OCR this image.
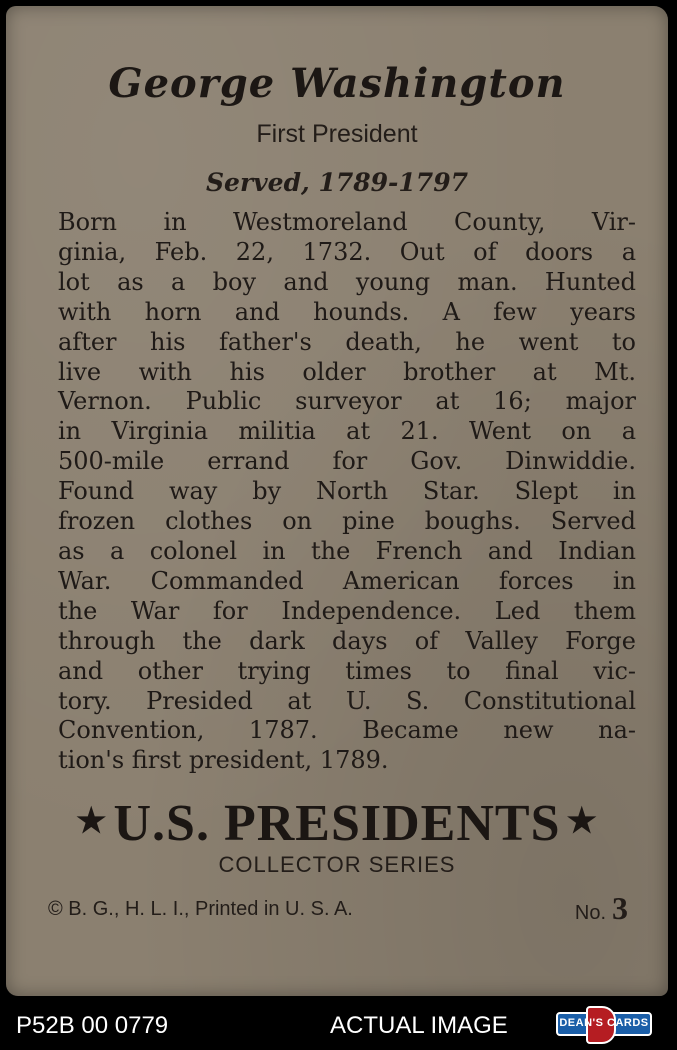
George Washington
First President
Served, 1789-1797
Born in Westmoreland County, Vir-
ginia, Feb. 22, 1732. Out of doors a
lot as a boy and young man. Hunted
with horn and hounds. A few years
after his father's death, he went to
live with his older brother at Mt.
Vernon. Public surveyor at 16; major
in Virginia militia at 21. Went on a
500-mile errand for Gov. Dinwiddie.
Found way by North Star. Slept in
frozen clothes on pine boughs. Served
as a colonel in the French and Indian
War. Commanded American forces in
the War for Independence. Led them
through the dark days of Valley Forge
and other trying times to final vic-
tory. Presided at U. S. Constitutional
Convention, 1787. Became new na-
tion's first president, 1789.
★ U.S. PRESIDENTS ★
COLLECTOR SERIES
© B. G., H. L. I., Printed in U. S. A.	No. 3
P52B 00 0779	ACTUAL IMAGE	DEAN'S CARDS
